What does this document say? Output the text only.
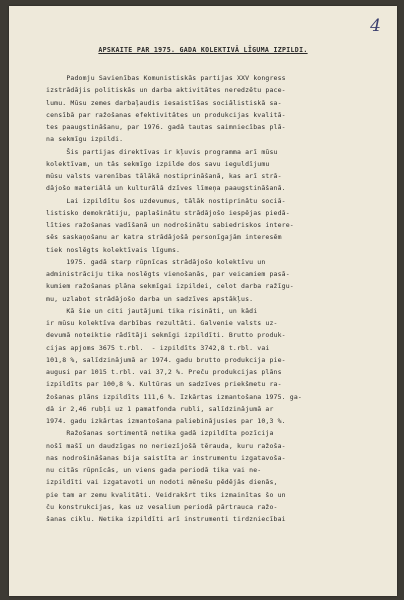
4
APSKAITE PAR 1975. GADA KOLEKTIVĀ LĪGUMA IZPILDI.
Padomju Savienības Komunistiskās partijas XXV kongress
izstrādājis politiskās un darba aktivitātes neredzētu pace-
lumu. Mūsu zemes darbaļaudis iesaistīšas sociālistiskā sa-
censībā par ražošanas efektivitātes un produkcijas kvalitā-
tes paaugstināšanu, par 1976. gadā tautas saimniecības plā-
na sekmīgu izpildi.
Šis partijas direktīvas ir kļuvis programma arī mūsu
kolektīvam, un tās sekmīgo izpilde dos savu ieguldījumu
mūsu valsts varenības tālākā nostiprināšanā, kas arī strā-
dājošo materiālā un kulturālā dzīves līmeņa paaugstināšanā.
Lai izpildītu šos uzdevumus, tālāk nostiprinātu sociā-
listisko demokrātiju, paplašinātu strādājošo iespējas piedā-
līties ražošanas vadīšanā un nodrošinātu sabiedriskos intere-
sēs saskaņošanu ar katra strādājošā personīgajām interesēm
tiek noslēgts kolektīvais līgums.
1975. gadā starp rūpnīcas strādājošo kolektīvu un
administrāciju tika noslēgts vienošanās, par veicamiem pasā-
kumiem ražošanas plāna sekmīgai izpildei, celot darba ražīgu-
mu, uzlabot strādājošo darba un sadzīves apstākļus.
Kā šie un citi jautājumi tika risināti, un kādi
ir mūsu kolektīva darbības rezultāti. Galvenie valsts uz-
devumā noteiktie rādītāji sekmīgi izpildīti. Brutto produk-
cijas apjoms 3675 t.rbl.  - izpildīts 3742,8 t.rbl. vai
101,8 %, salīdzinājumā ar 1974. gadu brutto produkcija pie-
augusi par 1015 t.rbl. vai 37,2 %. Preču produkcijas plāns
izpildīts par 100,8 %. Kultūras un sadzīves priekšmetu ra-
žošanas plāns izpildīts 111,6 %. Izkārtas izmantošana 1975. ga-
dā ir 2,46 rubļi uz 1 pamatfonda rubli, salīdzinājumā ar
1974. gadu izkārtas izmantošana paliebinājusies par 10,3 %.
Ražošanas sortimentā netika gadā izpildīta pozīcija
nošī mašī un daudzīgas no neriezījošā tērauda, kuru ražoša-
nas nodrošināšanas bija saistīta ar instrumentu izgatavoša-
nu citās rūpnīcās, un viens gada periodā tika vai ne-
izpildīti vai izgatavoti un nodoti mēnešu pēdējās dienās,
pie tam ar zemu kvalitāti. Veidrakšrt tiks izmainītas šo un
ču konstrukcijas, kas uz vesalium periodā pārtrauca ražo-
šanas ciklu. Netika izpildīti arī instrumenti tirdzniecībai
